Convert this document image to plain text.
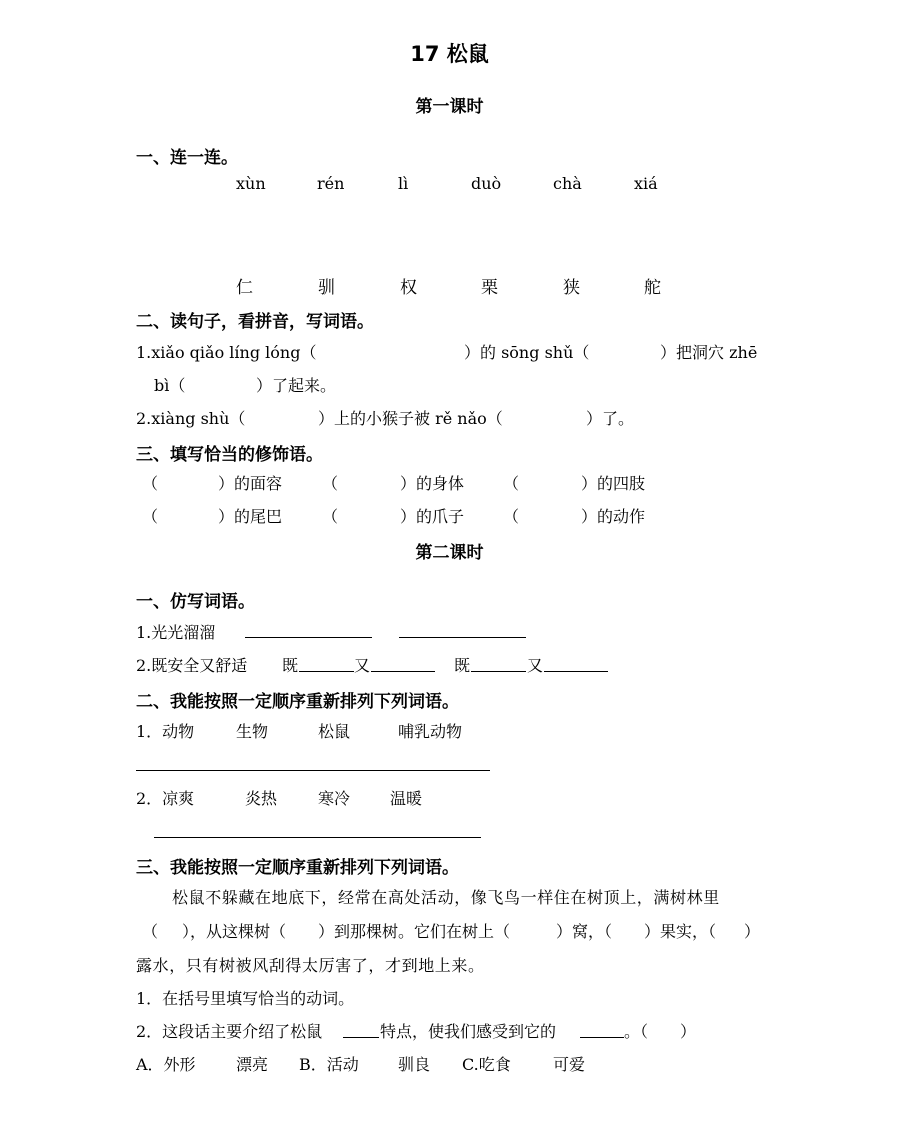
17 松鼠
第一课时
一、连一连。
xùn	rén	lì	duò	chà	xiá
仁	驯	权	栗	狭	舵
二、读句子，看拼音，写词语。
1.xiǎo qiǎo líng lóng（	）的 sōng shǔ（	）把洞穴 zhē
bì（	）了起来。
2.xiàng shù（	）上的小猴子被 rě nǎo（	）了。
三、填写恰当的修饰语。
（	）的面容 （	）的身体 （	）的四肢
（	）的尾巴 （	）的爪子 （	）的动作
第二课时
一、仿写词语。
1.光光溜溜
2.既安全又舒适 既	又	既	又
二、我能按照一定顺序重新排列下列词语。
1．动物	生物	松鼠	哺乳动物
2．凉爽	炎热	寒冷 温暖
三、我能按照一定顺序重新排列下列词语。
松鼠不躲藏在地底下，经常在高处活动，像飞鸟一样住在树顶上，满树林里
（ ），从这棵树（ ）到那棵树。它们在树上（	）窝，（ ）果实，（ ）
露水，只有树被风刮得太厉害了，才到地上来。
1．在括号里填写恰当的动词。
2．这段话主要介绍了松鼠	特点，使我们感受到它的	。（　　）
A．外形	漂亮 B．活动 驯良 C.吃食	可爱
